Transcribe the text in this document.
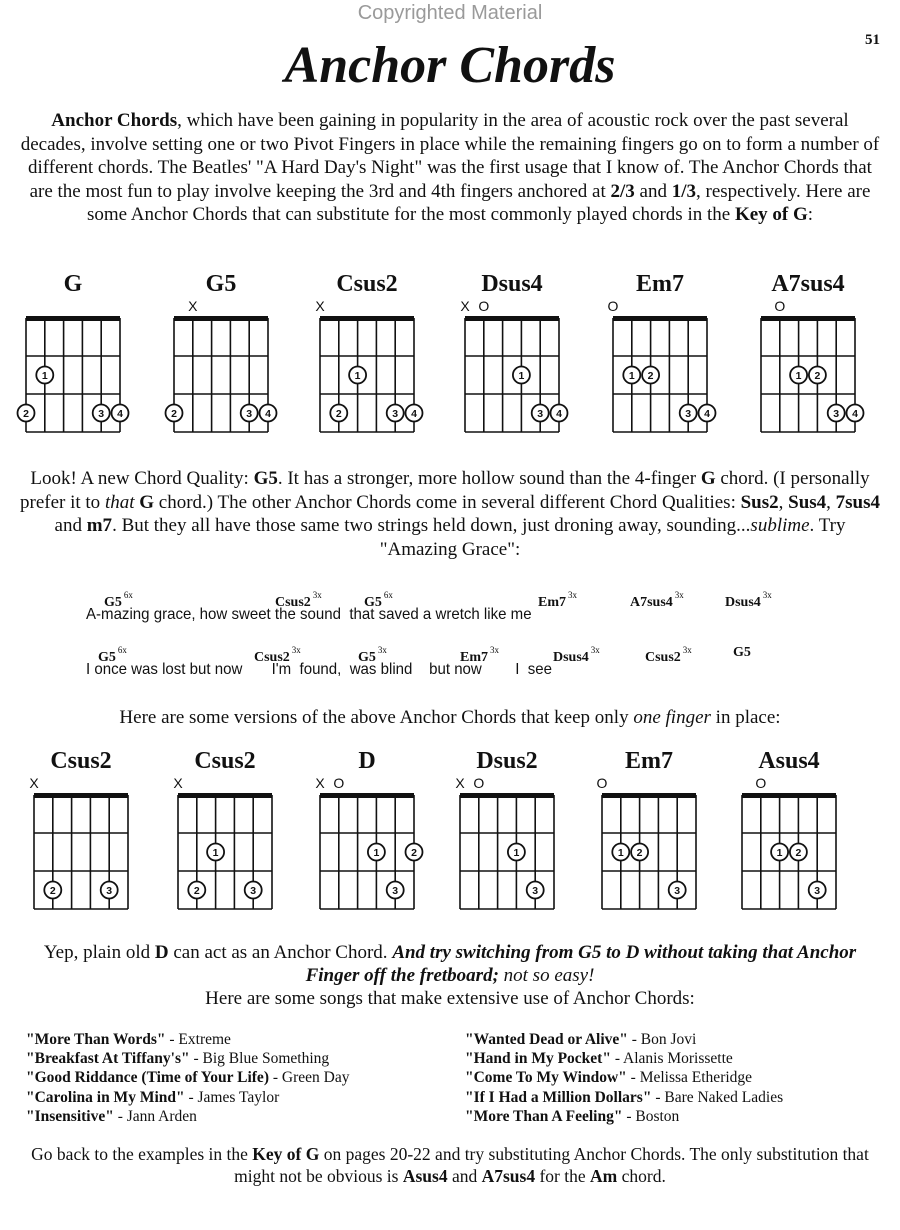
Copyrighted Material
51
Anchor Chords
Anchor Chords, which have been gaining in popularity in the area of acoustic rock over the past several decades, involve setting one or two Pivot Fingers in place while the remaining fingers go on to form a number of different chords. The Beatles' "A Hard Day's Night" was the first usage that I know of. The Anchor Chords that are the most fun to play involve keeping the 3rd and 4th fingers anchored at 2/3 and 1/3, respectively. Here are some Anchor Chords that can substitute for the most commonly played chords in the Key of G:
G
1
2	3 4
G5
X
2	3 4
Csus2
X
1
2	3 4
Dsus4
X O
1
3 4
Em7
O
1 2
3 4
A7sus4
O
1 2
3 4
Look! A new Chord Quality: G5. It has a stronger, more hollow sound than the 4-finger G chord. (I personally prefer it to that G chord.) The other Anchor Chords come in several different Chord Qualities: Sus2, Sus4, 7sus4 and m7. But they all have those same two strings held down, just droning away, sounding...sublime. Try "Amazing Grace":
G5 $^{6x}$	Csus2 $^{3x}$	G5 $^{6x}$	Em7 $^{3x}$	A7sus4 $^{3x}$	Dsus4 $^{3x}$
A-mazing grace, how sweet the sound  that saved a wretch like me
G5 $^{6x}$	Csus2 $^{3x}$	G5 $^{3x}$	Em7 $^{3x}$	Dsus4 $^{3x}$	Csus2 $^{3x}$	G5
I once was lost but now       I'm  found,  was blind    but now        I  see
Here are some versions of the above Anchor Chords that keep only one finger in place:
Csus2
X
2	3
Csus2
X
1
2	3
D
X O
1	2
3
Dsus2
X O
1
3
Em7
O
1 2
3
Asus4
O
1 2
3
Yep, plain old D can act as an Anchor Chord. And try switching from G5 to D without taking that Anchor Finger off the fretboard; not so easy!
Here are some songs that make extensive use of Anchor Chords:
"More Than Words" - Extreme
"Breakfast At Tiffany's" - Big Blue Something
"Good Riddance (Time of Your Life) - Green Day
"Carolina in My Mind" - James Taylor
"Insensitive" - Jann Arden
"Wanted Dead or Alive" - Bon Jovi
"Hand in My Pocket" - Alanis Morissette
"Come To My Window" - Melissa Etheridge
"If I Had a Million Dollars" - Bare Naked Ladies
"More Than A Feeling" - Boston
Go back to the examples in the Key of G on pages 20-22 and try substituting Anchor Chords. The only substitution that might not be obvious is Asus4 and A7sus4 for the Am chord.
